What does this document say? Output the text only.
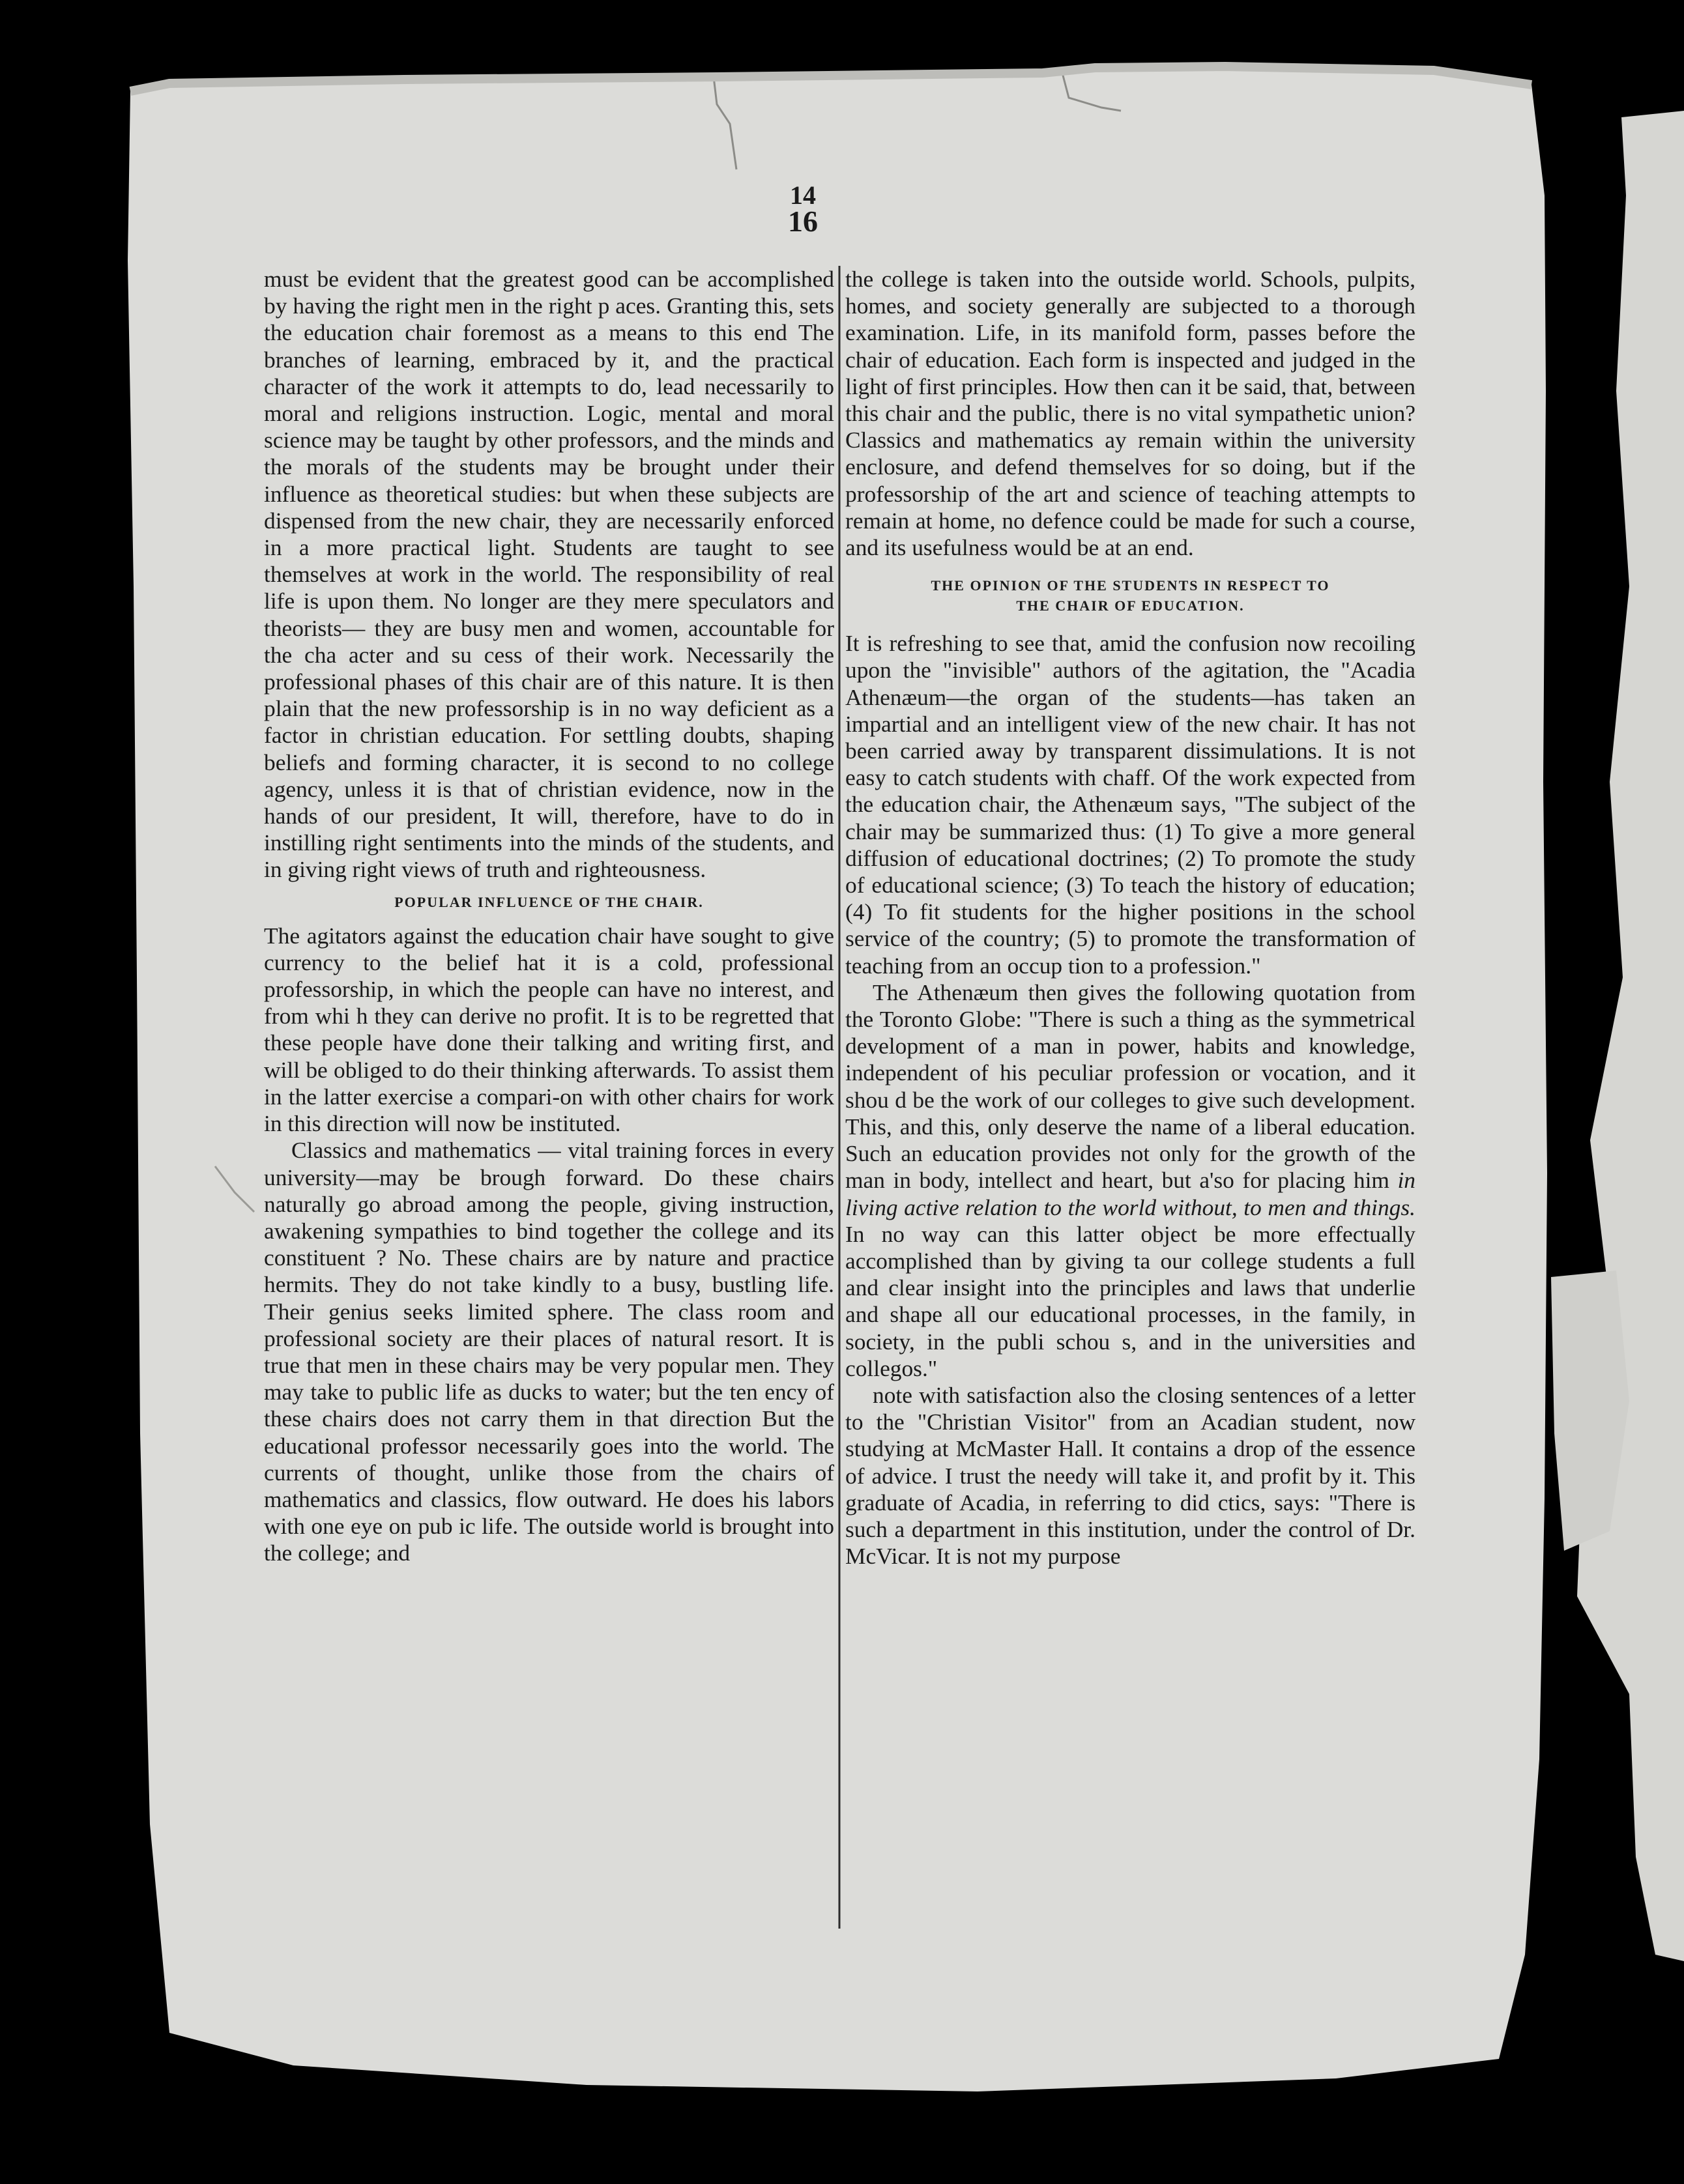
14
16

must be evident that the greatest good can be accomplished by having the right men in the right p aces. Granting this, sets the education chair foremost as a means to this end The branches of learning, embraced by it, and the practical character of the work it attempts to do, lead necessarily to moral and religions instruction. Logic, mental and moral science may be taught by other professors, and the minds and the morals of the students may be brought under their influence as theoretical studies: but when these subjects are dispensed from the new chair, they are necessarily enforced in a more practical light. Students are taught to see themselves at work in the world. The responsibility of real life is upon them. No longer are they mere speculators and theorists— they are busy men and women, accountable for the cha acter and su cess of their work. Necessarily the professional phases of this chair are of this nature. It is then plain that the new professorship is in no way deficient as a factor in christian education. For settling doubts, shaping beliefs and forming character, it is second to no college agency, unless it is that of christian evidence, now in the hands of our president, It will, therefore, have to do in instilling right sentiments into the minds of the students, and in giving right views of truth and righteousness.

POPULAR INFLUENCE OF THE CHAIR.

The agitators against the education chair have sought to give currency to the belief hat it is a cold, professional professorship, in which the people can have no interest, and from whi h they can derive no profit. It is to be regretted that these people have done their talking and writing first, and will be obliged to do their thinking afterwards. To assist them in the latter exercise a compari-on with other chairs for work in this direction will now be instituted.

Classics and mathematics — vital training forces in every university—may be brough forward. Do these chairs naturally go abroad among the people, giving instruction, awakening sympathies to bind together the college and its constituent ? No. These chairs are by nature and practice hermits. They do not take kindly to a busy, bustling life. Their genius seeks limited sphere. The class room and professional society are their places of natural resort. It is true that men in these chairs may be very popular men. They may take to public life as ducks to water; but the ten ency of these chairs does not carry them in that direction But the educational professor necessarily goes into the world. The currents of thought, unlike those from the chairs of mathematics and classics, flow outward. He does his labors with one eye on pub ic life. The outside world is brought into the college; and

the college is taken into the outside world. Schools, pulpits, homes, and society generally are subjected to a thorough examination. Life, in its manifold form, passes before the chair of education. Each form is inspected and judged in the light of first principles. How then can it be said, that, between this chair and the public, there is no vital sympathetic union? Classics and mathematics ay remain within the university enclosure, and defend themselves for so doing, but if the professorship of the art and science of teaching attempts to remain at home, no defence could be made for such a course, and its usefulness would be at an end.

THE OPINION OF THE STUDENTS IN RESPECT TO
THE CHAIR OF EDUCATION.

It is refreshing to see that, amid the confusion now recoiling upon the "invisible" authors of the agitation, the "Acadia Athenæum—the organ of the students—has taken an impartial and an intelligent view of the new chair. It has not been carried away by transparent dissimulations. It is not easy to catch students with chaff. Of the work expected from the education chair, the Athenæum says, "The subject of the chair may be summarized thus: (1) To give a more general diffusion of educational doctrines; (2) To promote the study of educational science; (3) To teach the history of education; (4) To fit students for the higher positions in the school service of the country; (5) to promote the transformation of teaching from an occup tion to a profession."

The Athenæum then gives the following quotation from the Toronto Globe: "There is such a thing as the symmetrical development of a man in power, habits and knowledge, independent of his peculiar profession or vocation, and it shou d be the work of our colleges to give such development. This, and this, only deserve the name of a liberal education. Such an education provides not only for the growth of the man in body, intellect and heart, but a'so for placing him in living active relation to the world without, to men and things. In no way can this latter object be more effectually accomplished than by giving ta our college students a full and clear insight into the principles and laws that underlie and shape all our educational processes, in the family, in society, in the publi schou s, and in the universities and collegos."

note with satisfaction also the closing sentences of a letter to the "Christian Visitor" from an Acadian student, now studying at McMaster Hall. It contains a drop of the essence of advice. I trust the needy will take it, and profit by it. This graduate of Acadia, in referring to did ctics, says: "There is such a department in this institution, under the control of Dr. McVicar. It is not my purpose
